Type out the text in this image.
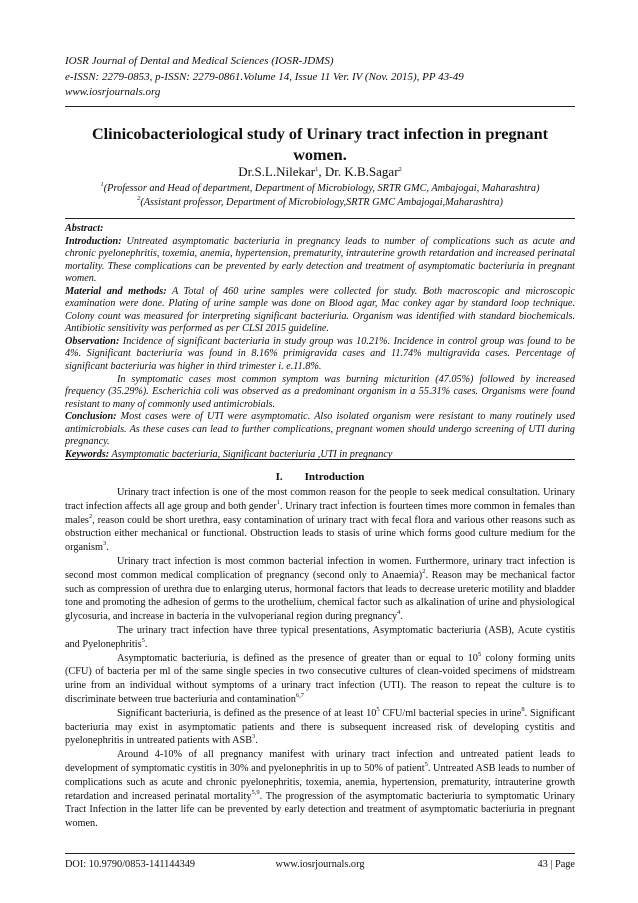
IOSR Journal of Dental and Medical Sciences (IOSR-JDMS)
e-ISSN: 2279-0853, p-ISSN: 2279-0861.Volume 14, Issue 11 Ver. IV (Nov. 2015), PP 43-49
www.iosrjournals.org
Clinicobacteriological study of Urinary tract infection in pregnant women.
Dr.S.L.Nilekar$^1$, Dr. K.B.Sagar$^2$
$^1$(Professor and Head of department, Department of Microbiology, SRTR GMC, Ambajogai, Maharashtra)
$^2$(Assistant professor, Department of Microbiology,SRTR GMC Ambajogai,Maharashtra)

Abstract:

Introduction: Untreated asymptomatic bacteriuria in pregnancy leads to number of complications such as acute and chronic pyelonephritis, toxemia, anemia, hypertension, prematurity, intrauterine growth retardation and increased perinatal mortality. These complications can be prevented by early detection and treatment of asymptomatic bacteriuria in pregnant women.

Material and methods: A Total of 460 urine samples were collected for study. Both macroscopic and microscopic examination were done. Plating of urine sample was done on Blood agar, Mac conkey agar by standard loop technique. Colony count was measured for interpreting significant bacteriuria. Organism was identified with standard biochemicals. Antibiotic sensitivity was performed as per CLSI 2015 guideline.

Observation: Incidence of significant bacteriuria in study group was 10.21%. Incidence in control group was found to be 4%. Significant bacteriuria was found in 8.16% primigravida cases and 11.74% multigravida cases. Percentage of significant bacteriuria was higher in third trimester i. e.11.8%.

In symptomatic cases most common symptom was burning micturition (47.05%) followed by increased frequency (35.29%). Escherichia coli was observed as a predominant organism in a 55.31% cases. Organisms were found resistant to many of commonly used antimicrobials.

Conclusion: Most cases were of UTI were asymptomatic. Also isolated organism were resistant to many routinely used antimicrobials. As these cases can lead to further complications, pregnant women should undergo screening of UTI during pregnancy.

Keywords: Asymptomatic bacteriuria, Significant bacteriuria ,UTI in pregnancy

I. Introduction

Urinary tract infection is one of the most common reason for the people to seek medical consultation. Urinary tract infection affects all age group and both gender$^1$. Urinary tract infection is fourteen times more common in females than males$^2$, reason could be short urethra, easy contamination of urinary tract with fecal flora and various other reasons such as obstruction either mechanical or functional. Obstruction leads to stasis of urine which forms good culture medium for the organism$^3$.

Urinary tract infection is most common bacterial infection in women. Furthermore, urinary tract infection is second most common medical complication of pregnancy (second only to Anaemia)$^2$. Reason may be mechanical factor such as compression of urethra due to enlarging uterus, hormonal factors that leads to decrease ureteric motility and bladder tone and promoting the adhesion of germs to the urothelium, chemical factor such as alkalination of urine and physiological glycosuria, and increase in bacteria in the vulvoperianal region during pregnancy$^4$.

The urinary tract infection have three typical presentations, Asymptomatic bacteriuria (ASB), Acute cystitis and Pyelonephritis$^5$.

Asymptomatic bacteriuria, is defined as the presence of greater than or equal to $10^5$ colony forming units (CFU) of bacteria per ml of the same single species in two consecutive cultures of clean-voided specimens of midstream urine from an individual without symptoms of a urinary tract infection (UTI). The reason to repeat the culture is to discriminate between true bacteriuria and contamination$^{6,7}$

Significant bacteriuria, is defined as the presence of at least $10^5$ CFU/ml bacterial species in urine$^8$. Significant bacteriuria may exist in asymptomatic patients and there is subsequent increased risk of developing cystitis and pyelonephritis in untreated patients with ASB$^3$.

Around 4-10% of all pregnancy manifest with urinary tract infection and untreated patient leads to development of symptomatic cystitis in 30% and pyelonephritis in up to 50% of patient$^5$. Untreated ASB leads to number of complications such as acute and chronic pyelonephritis, toxemia, anemia, hypertension, prematurity, intrauterine growth retardation and increased perinatal mortality$^{5,9}$. The progression of the asymptomatic bacteriuria to symptomatic Urinary Tract Infection in the latter life can be prevented by early detection and treatment of asymptomatic bacteriuria in pregnant women.

DOI: 10.9790/0853-141144349	www.iosrjournals.org	43 | Page
